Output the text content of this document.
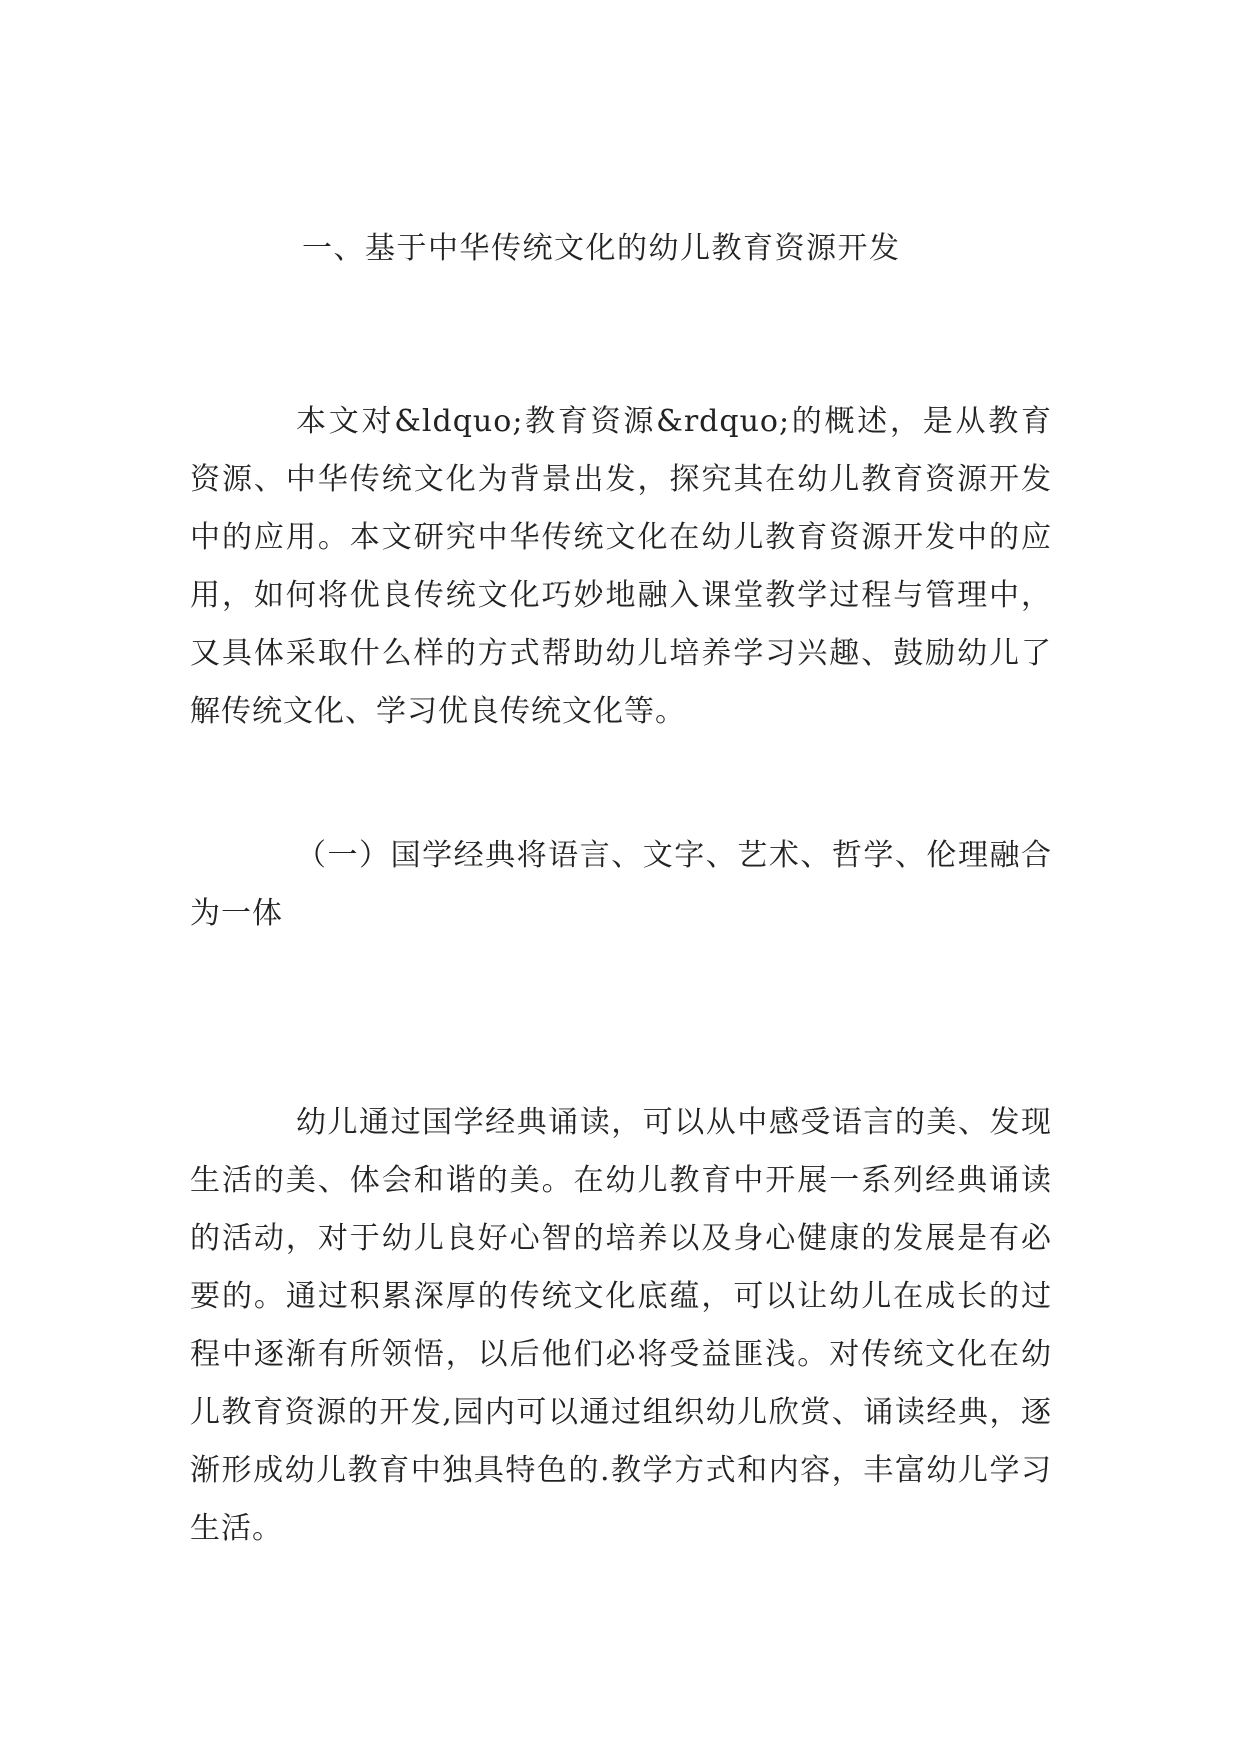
一、基于中华传统文化的幼儿教育资源开发

本文对&ldquo;教育资源&rdquo;的概述，是从教育资源、中华传统文化为背景出发，探究其在幼儿教育资源开发中的应用。本文研究中华传统文化在幼儿教育资源开发中的应用，如何将优良传统文化巧妙地融入课堂教学过程与管理中，又具体采取什么样的方式帮助幼儿培养学习兴趣、鼓励幼儿了解传统文化、学习优良传统文化等。

（一）国学经典将语言、文字、艺术、哲学、伦理融合为一体

幼儿通过国学经典诵读，可以从中感受语言的美、发现生活的美、体会和谐的美。在幼儿教育中开展一系列经典诵读的活动，对于幼儿良好心智的培养以及身心健康的发展是有必要的。通过积累深厚的传统文化底蕴，可以让幼儿在成长的过程中逐渐有所领悟，以后他们必将受益匪浅。对传统文化在幼儿教育资源的开发,园内可以通过组织幼儿欣赏、诵读经典，逐渐形成幼儿教育中独具特色的.教学方式和内容，丰富幼儿学习生活。
